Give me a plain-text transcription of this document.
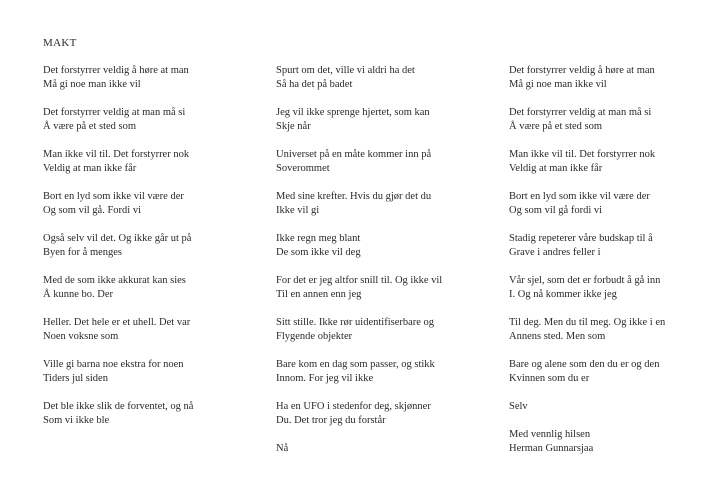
MAKT
Det forstyrrer veldig å høre at man
Må gi noe man ikke vil
Det forstyrrer veldig at man må si
Å være på et sted som
Man ikke vil til. Det forstyrrer nok
Veldig at man ikke får
Bort en lyd som ikke vil være der
Og som vil gå. Fordi vi
Også selv vil det. Og ikke går ut på
Byen for å menges
Med de som ikke akkurat kan sies
Å kunne bo. Der
Heller. Det hele er et uhell. Det var
Noen voksne som
Ville gi barna noe ekstra for noen
Tiders jul siden
Det ble ikke slik de forventet, og nå
Som vi ikke ble
Spurt om det, ville vi aldri ha det
Så ha det på badet
Jeg vil ikke sprenge hjertet, som kan
Skje når
Universet på en måte kommer inn på
Soverommet
Med sine krefter. Hvis du gjør det du
Ikke vil gi
Ikke regn meg blant
De som ikke vil deg
For det er jeg altfor snill til. Og ikke vil
Til en annen enn jeg
Sitt stille. Ikke rør uidentifiserbare og
Flygende objekter
Bare kom en dag som passer, og stikk
Innom. For jeg vil ikke
Ha en UFO i stedenfor deg, skjønner
Du. Det tror jeg du forstår
Nå
Det forstyrrer veldig å høre at man
Må gi noe man ikke vil
Det forstyrrer veldig at man må si
Å være på et sted som
Man ikke vil til. Det forstyrrer nok
Veldig at man ikke får
Bort en lyd som ikke vil være der
Og som vil gå fordi vi
Stadig repeterer våre budskap til å
Grave i andres feller i
Vår sjel, som det er forbudt å gå inn
I. Og nå kommer ikke jeg
Til deg. Men du til meg. Og ikke i en
Annens sted. Men som
Bare og alene som den du er og den
Kvinnen som du er
Selv
Med vennlig hilsen
Herman Gunnarsjaa
